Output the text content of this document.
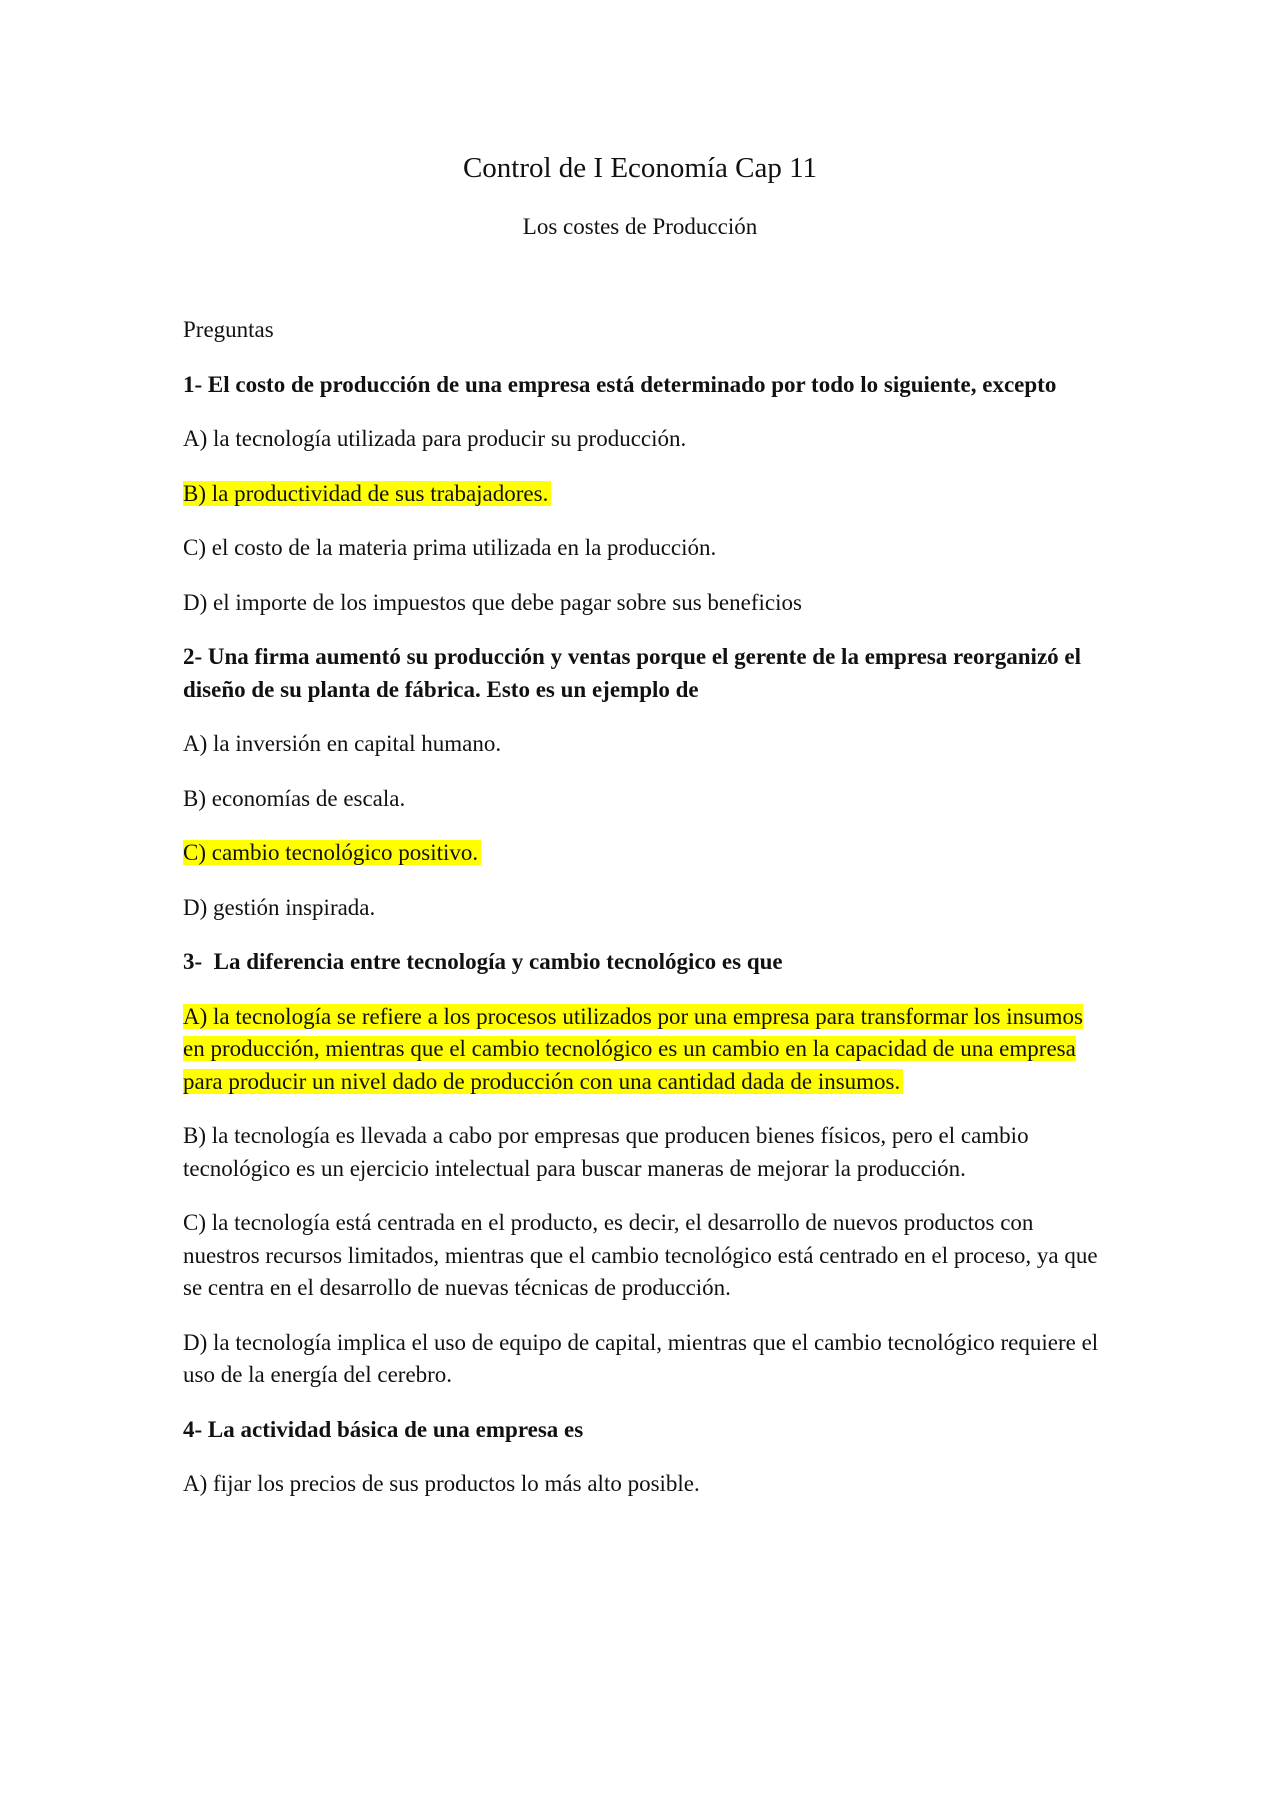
Control de I Economía Cap 11
Los costes de Producción

Preguntas

1- El costo de producción de una empresa está determinado por todo lo siguiente, excepto

A) la tecnología utilizada para producir su producción.

B) la productividad de sus trabajadores.

C) el costo de la materia prima utilizada en la producción.

D) el importe de los impuestos que debe pagar sobre sus beneficios

2- Una firma aumentó su producción y ventas porque el gerente de la empresa reorganizó el diseño de su planta de fábrica. Esto es un ejemplo de

A) la inversión en capital humano.

B) economías de escala.

C) cambio tecnológico positivo.

D) gestión inspirada.

3-  La diferencia entre tecnología y cambio tecnológico es que

A) la tecnología se refiere a los procesos utilizados por una empresa para transformar los insumos en producción, mientras que el cambio tecnológico es un cambio en la capacidad de una empresa para producir un nivel dado de producción con una cantidad dada de insumos.

B) la tecnología es llevada a cabo por empresas que producen bienes físicos, pero el cambio tecnológico es un ejercicio intelectual para buscar maneras de mejorar la producción.

C) la tecnología está centrada en el producto, es decir, el desarrollo de nuevos productos con nuestros recursos limitados, mientras que el cambio tecnológico está centrado en el proceso, ya que se centra en el desarrollo de nuevas técnicas de producción.

D) la tecnología implica el uso de equipo de capital, mientras que el cambio tecnológico requiere el uso de la energía del cerebro.

4- La actividad básica de una empresa es

A) fijar los precios de sus productos lo más alto posible.
